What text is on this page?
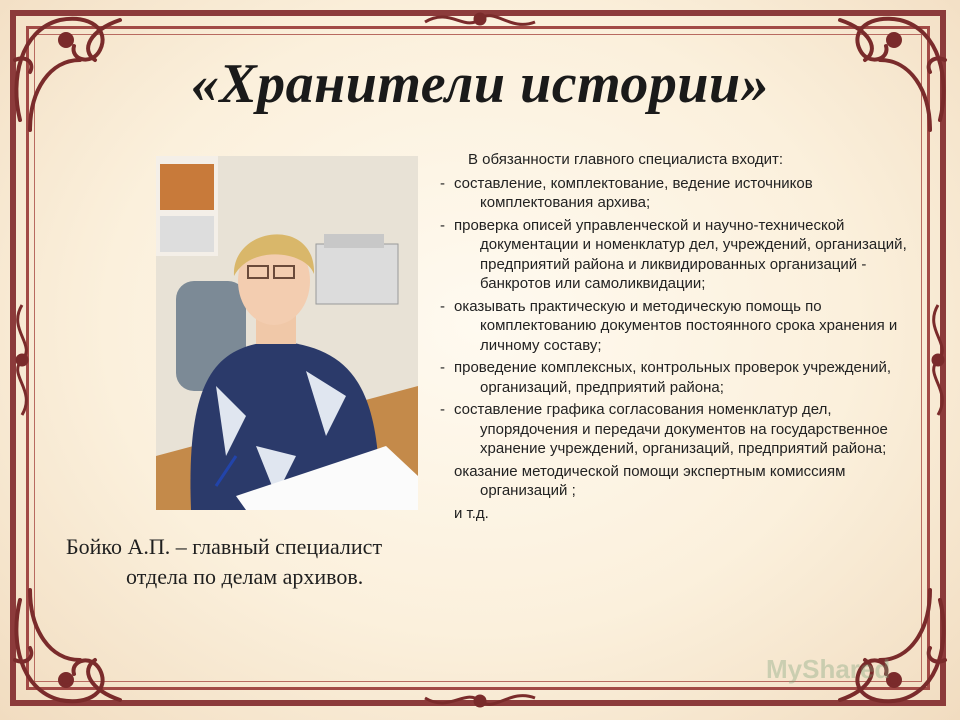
«Хранители истории»
Бойко А.П. – главный специалист
отдела по делам архивов.
В обязанности главного специалиста входит:
- составление, комплектование, ведение источников комплектования архива;
- проверка описей управленческой и научно-технической документации и номенклатур дел, учреждений, организаций, предприятий района и ликвидированных организаций - банкротов или самоликвидации;
- оказывать практическую и методическую помощь по комплектованию документов постоянного срока хранения и личному составу;
- проведение комплексных, контрольных проверок учреждений, организаций, предприятий района;
- составление графика согласования номенклатур дел, упорядочения и передачи документов на государственное хранение учреждений, организаций, предприятий района;
оказание методической помощи экспертным комиссиям организаций ;
и т.д.
MyShared
